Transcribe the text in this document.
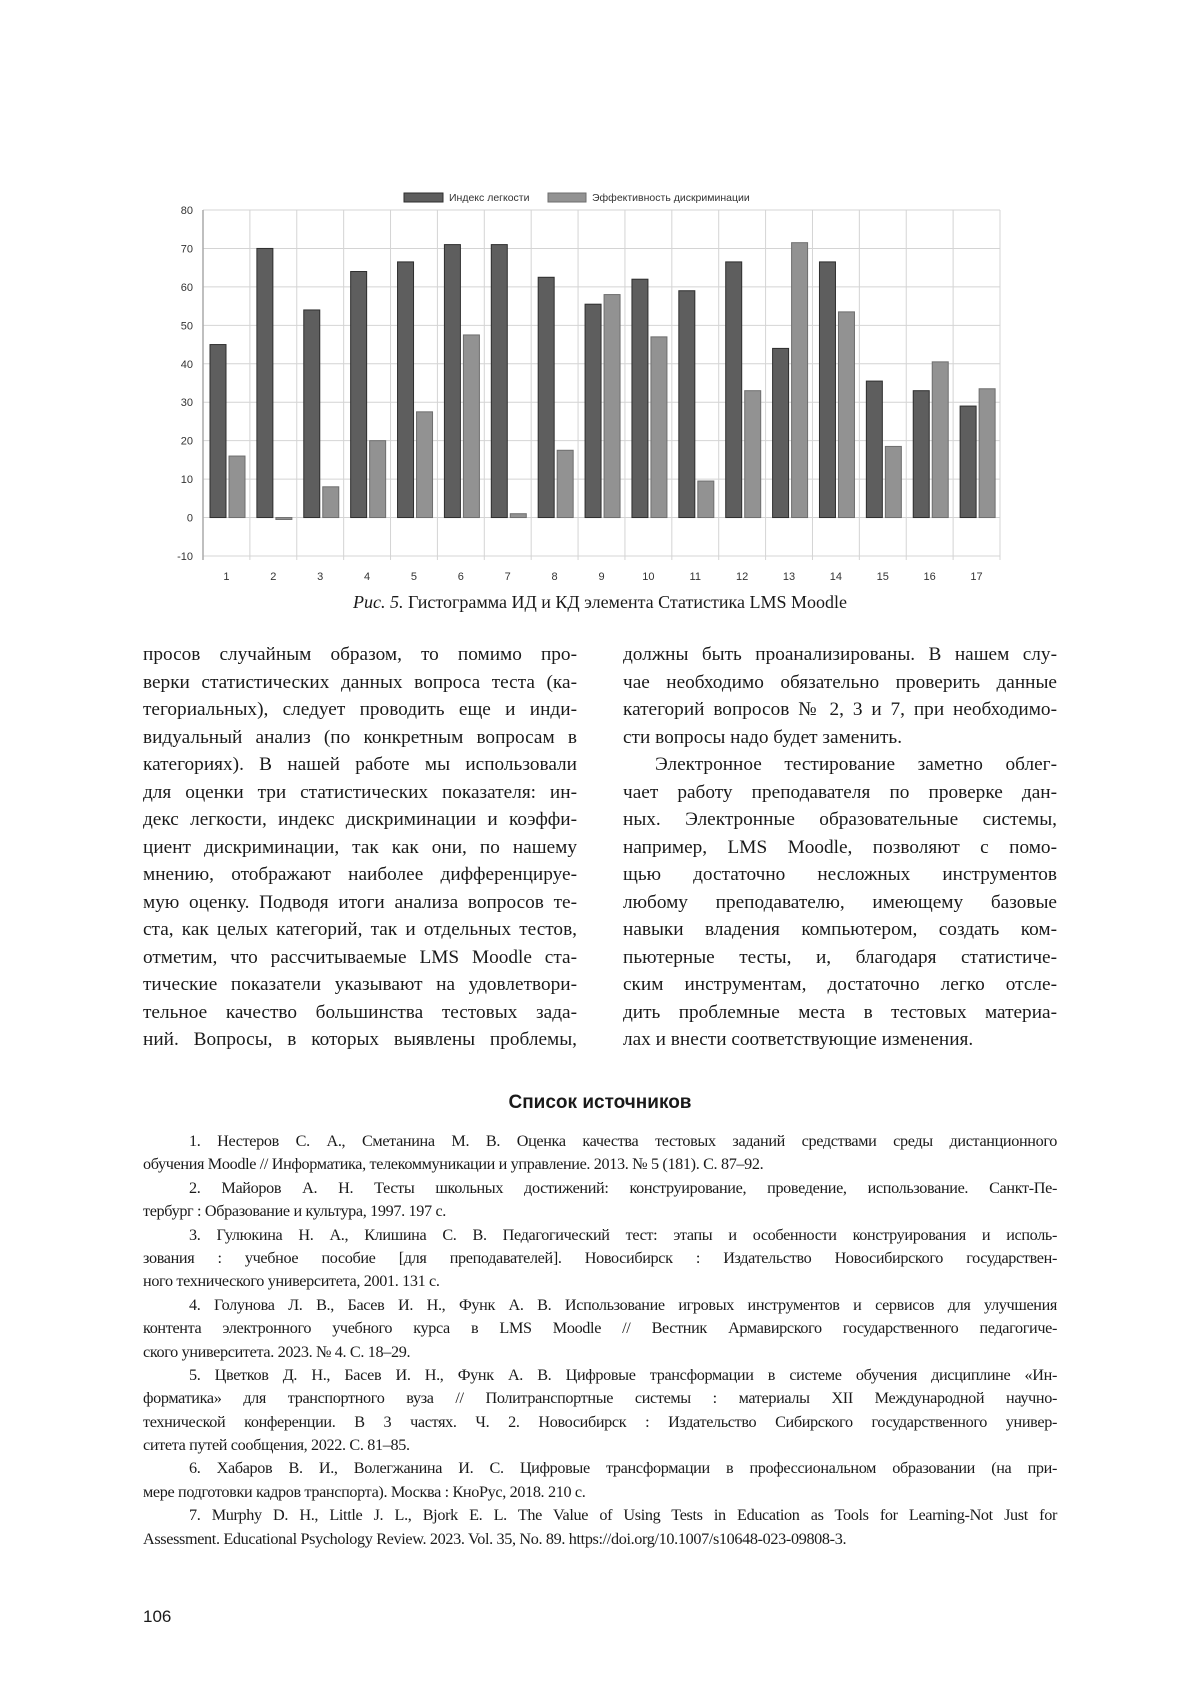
-10
0
10
20
30
40
50
60
70
80
1	2	3	4	5	6	7	8	9	10	11	12	13	14	15	16	17
Индекс легкости	Эффективность дискриминации
Рис. 5. Гистограмма ИД и КД элемента Статистика LMS Moodle
просов случайным образом, то помимо про-
верки статистических данных вопроса теста (ка-
тегориальных), следует проводить еще и инди-
видуальный анализ (по конкретным вопросам в
категориях). В нашей работе мы использовали
для оценки три статистических показателя: ин-
декс легкости, индекс дискриминации и коэффи-
циент дискриминации, так как они, по нашему
мнению, отображают наиболее дифференцируе-
мую оценку. Подводя итоги анализа вопросов те-
ста, как целых категорий, так и отдельных тестов,
отметим, что рассчитываемые LMS Moodle ста-
тические показатели указывают на удовлетвори-
тельное качество большинства тестовых зада-
ний. Вопросы, в которых выявлены проблемы,
должны быть проанализированы. В нашем слу-
чае необходимо обязательно проверить данные
категорий вопросов № 2, 3 и 7, при необходимо-
сти вопросы надо будет заменить.
Электронное тестирование заметно облег-
чает работу преподавателя по проверке дан-
ных. Электронные образовательные системы,
например, LMS Moodle, позволяют с помо-
щью достаточно несложных инструментов
любому преподавателю, имеющему базовые
навыки владения компьютером, создать ком-
пьютерные тесты, и, благодаря статистиче-
ским инструментам, достаточно легко отсле-
дить проблемные места в тестовых материа-
лах и внести соответствующие изменения.
Список источников
1. Нестеров С. А., Сметанина М. В. Оценка качества тестовых заданий средствами среды дистанционного
обучения Moodle // Информатика, телекоммуникации и управление. 2013. № 5 (181). С. 87–92.
2. Майоров А. Н. Тесты школьных достижений: конструирование, проведение, использование. Санкт-Пе-
тербург : Образование и культура, 1997. 197 с.
3. Гулюкина Н. А., Клишина С. В. Педагогический тест: этапы и особенности конструирования и исполь-
зования : учебное пособие [для преподавателей]. Новосибирск : Издательство Новосибирского государствен-
ного технического университета, 2001. 131 с.
4. Голунова Л. В., Басев И. Н., Функ А. В. Использование игровых инструментов и сервисов для улучшения
контента электронного учебного курса в LMS Moodle // Вестник Армавирского государственного педагогиче-
ского университета. 2023. № 4. С. 18–29.
5. Цветков Д. Н., Басев И. Н., Функ А. В. Цифровые трансформации в системе обучения дисциплине «Ин-
форматика» для транспортного вуза // Политранспортные системы : материалы XII Международной научно-
технической конференции. В 3 частях. Ч. 2. Новосибирск : Издательство Сибирского государственного универ-
ситета путей сообщения, 2022. С. 81–85.
6. Хабаров В. И., Волегжанина И. С. Цифровые трансформации в профессиональном образовании (на при-
мере подготовки кадров транспорта). Москва : КноРус, 2018. 210 с.
7. Murphy D. H., Little J. L., Bjork E. L. The Value of Using Tests in Education as Tools for Learning-Not Just for
Assessment. Educational Psychology Review. 2023. Vol. 35, No. 89. https://doi.org/10.1007/s10648-023-09808-3.
106
